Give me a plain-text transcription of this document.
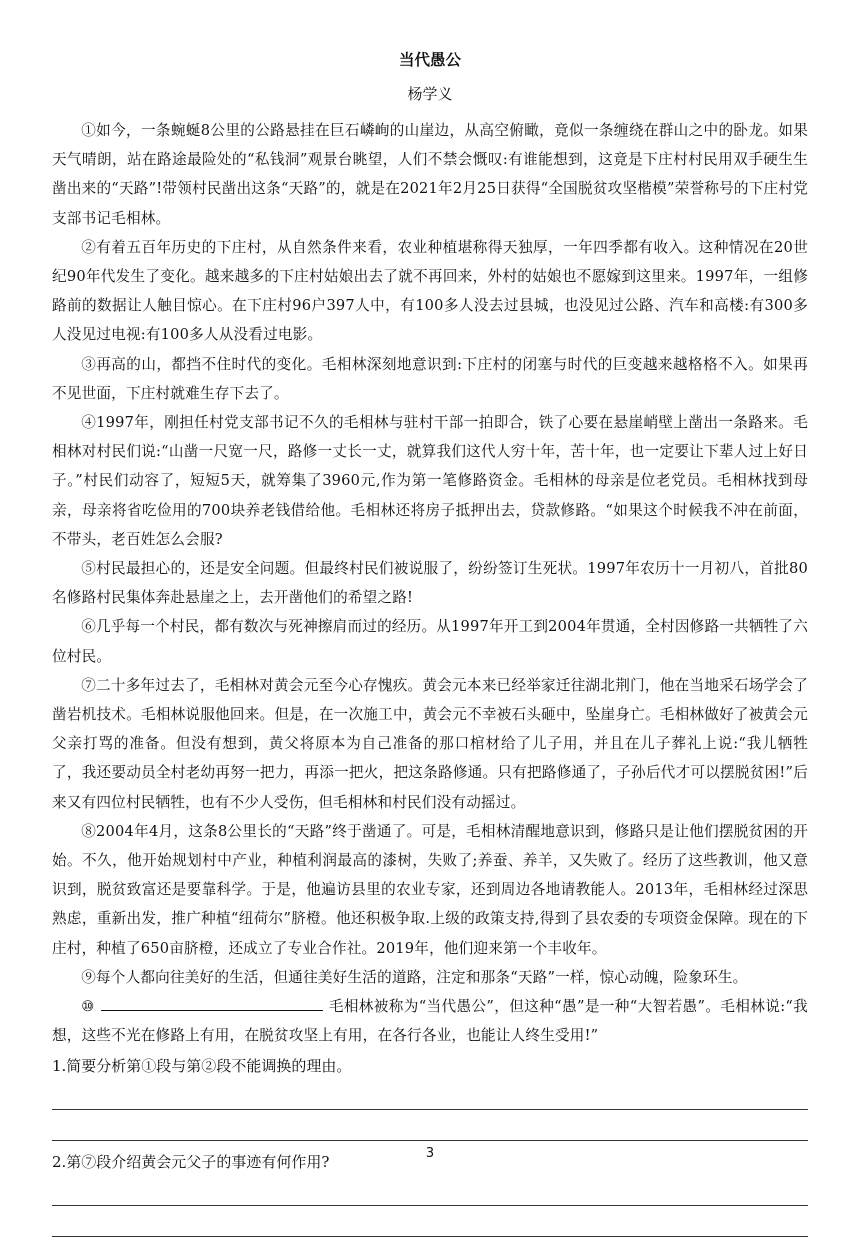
当代愚公
杨学义

①如今，一条蜿蜒8公里的公路悬挂在巨石嶙峋的山崖边，从高空俯瞰，竟似一条缠绕在群山之中的卧龙。如果天气晴朗，站在路途最险处的“私钱洞”观景台眺望，人们不禁会慨叹:有谁能想到，这竟是下庄村村民用双手硬生生凿出来的“天路”!带领村民凿出这条“天路”的，就是在2021年2月25日获得“全国脱贫攻坚楷模”荣誉称号的下庄村党支部书记毛相林。

②有着五百年历史的下庄村，从自然条件来看，农业种植堪称得天独厚，一年四季都有收入。这种情况在20世纪90年代发生了变化。越来越多的下庄村姑娘出去了就不再回来，外村的姑娘也不愿嫁到这里来。1997年，一组修路前的数据让人触目惊心。在下庄村96户397人中，有100多人没去过县城，也没见过公路、汽车和高楼:有300多人没见过电视:有100多人从没看过电影。

③再高的山，都挡不住时代的变化。毛相林深刻地意识到:下庄村的闭塞与时代的巨变越来越格格不入。如果再不见世面，下庄村就难生存下去了。

④1997年，刚担任村党支部书记不久的毛相林与驻村干部一拍即合，铁了心要在悬崖峭壁上凿出一条路来。毛相林对村民们说:“山凿一尺宽一尺，路修一丈长一丈，就算我们这代人穷十年，苦十年，也一定要让下辈人过上好日子。”村民们动容了，短短5天，就筹集了3960元,作为第一笔修路资金。毛相林的母亲是位老党员。毛相林找到母亲，母亲将省吃俭用的700块养老钱借给他。毛相林还将房子抵押出去，贷款修路。“如果这个时候我不冲在前面，不带头，老百姓怎么会服?

⑤村民最担心的，还是安全问题。但最终村民们被说服了，纷纷签订生死状。1997年农历十一月初八，首批80名修路村民集体奔赴悬崖之上，去开凿他们的希望之路!

⑥几乎每一个村民，都有数次与死神擦肩而过的经历。从1997年开工到2004年贯通，全村因修路一共牺牲了六位村民。

⑦二十多年过去了，毛相林对黄会元至今心存愧疚。黄会元本来已经举家迁往湖北荆门，他在当地采石场学会了凿岩机技术。毛相林说服他回来。但是，在一次施工中，黄会元不幸被石头砸中，坠崖身亡。毛相林做好了被黄会元父亲打骂的准备。但没有想到，黄父将原本为自己准备的那口棺材给了儿子用，并且在儿子葬礼上说:“我儿牺牲 了，我还要动员全村老幼再努一把力，再添一把火，把这条路修通。只有把路修通了，子孙后代才可以摆脱贫困!”后来又有四位村民牺牲，也有不少人受伤，但毛相林和村民们没有动摇过。

⑧2004年4月，这条8公里长的“天路”终于凿通了。可是，毛相林清醒地意识到，修路只是让他们摆脱贫困的开始。不久，他开始规划村中产业，种植利润最高的漆树，失败了;养蚕、养羊，又失败了。经历了这些教训，他又意识到，脱贫致富还是要靠科学。于是，他遍访县里的农业专家，还到周边各地请教能人。2013年，毛相林经过深思熟虑，重新出发，推广种植“纽荷尔”脐橙。他还积极争取.上级的政策支持,得到了县农委的专项资金保障。现在的下庄村，种植了650亩脐橙，还成立了专业合作社。2019年，他们迎来第一个丰收年。

⑨每个人都向往美好的生活，但通往美好生活的道路，注定和那条“天路”一样，惊心动魄，险象环生。

⑩	毛相林被称为“当代愚公”，但这种“愚”是一种“大智若愚”。毛相林说:“我想，这些不光在修路上有用，在脱贫攻坚上有用，在各行各业，也能让人终生受用!”

1.简要分析第①段与第②段不能调换的理由。
2.第⑦段介绍黄会元父子的事迹有何作用?	3
